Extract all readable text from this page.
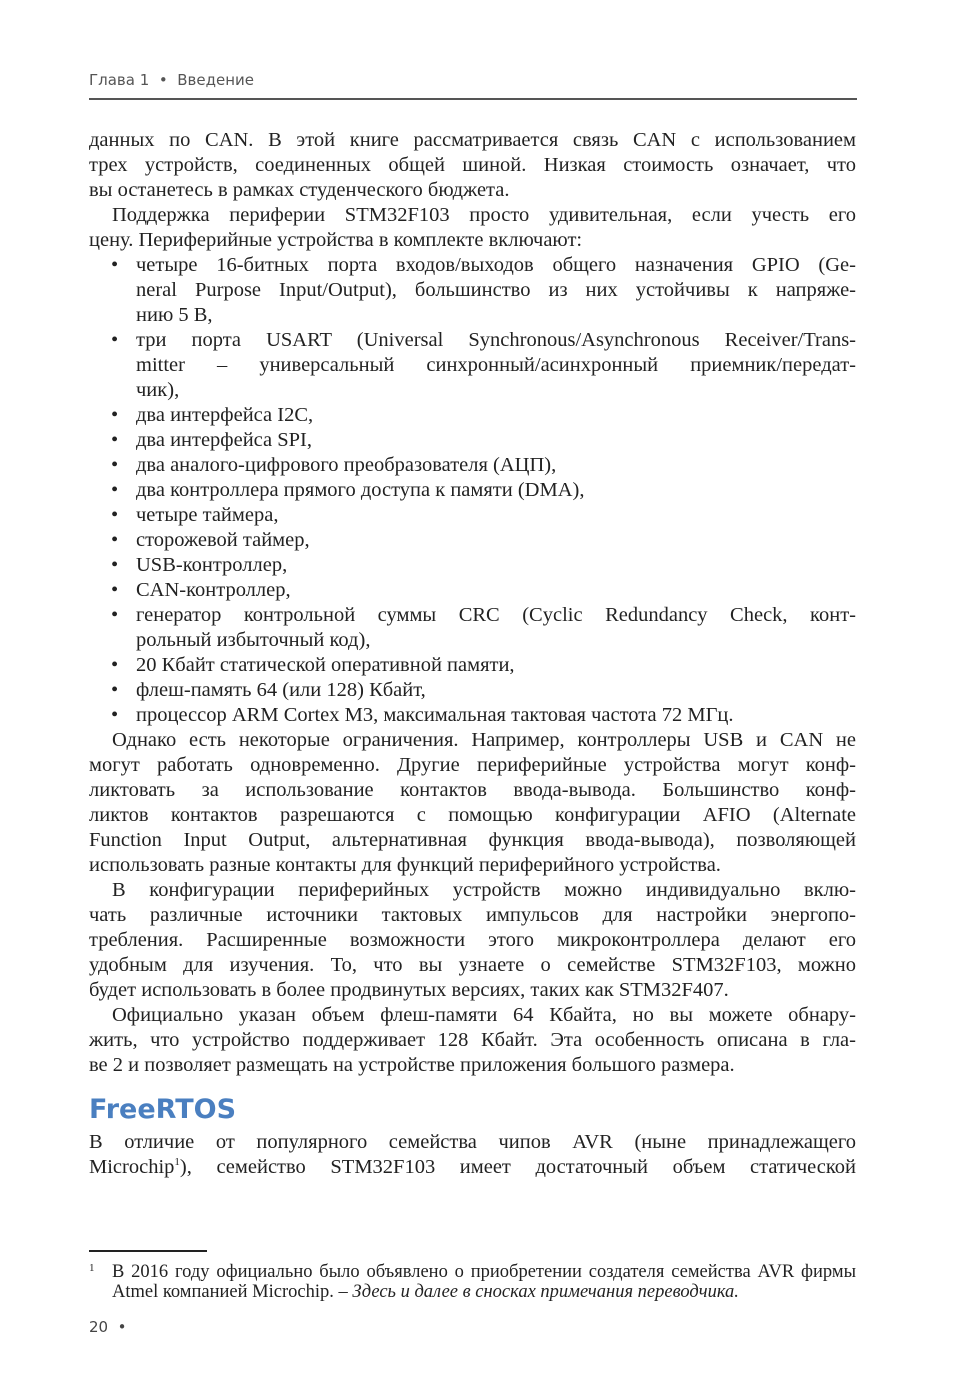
Глава 1 • Введение
данных по CAN. В этой книге рассматривается связь CAN с использованием
трех устройств, соединенных общей шиной. Низкая стоимость означает, что
вы останетесь в рамках студенческого бюджета.
Поддержка периферии STM32F103 просто удивительная, если учесть его
цену. Периферийные устройства в комплекте включают:
• четыре 16-битных порта входов/выходов общего назначения GPIO (Ge-
neral Purpose Input/Output), большинство из них устойчивы к напряже-
нию 5 В,
• три порта USART (Universal Synchronous/Asynchronous Receiver/Trans-
mitter – универсальный синхронный/асинхронный приемник/передат-
чик),
• два интерфейса I2C,
• два интерфейса SPI,
• два аналого-цифрового преобразователя (АЦП),
• два контроллера прямого доступа к памяти (DMA),
• четыре таймера,
• сторожевой таймер,
• USB-контроллер,
• CAN-контроллер,
• генератор контрольной суммы CRC (Cyclic Redundancy Check, конт-
рольный избыточный код),
• 20 Кбайт статической оперативной памяти,
• флеш-память 64 (или 128) Кбайт,
• процессор ARM Cortex M3, максимальная тактовая частота 72 МГц.
Однако есть некоторые ограничения. Например, контроллеры USB и CAN не
могут работать одновременно. Другие периферийные устройства могут конф-
ликтовать за использование контактов ввода-вывода. Большинство конф-
ликтов контактов разрешаются с помощью конфигурации AFIO (Alternate
Function Input Output, альтернативная функция ввода-вывода), позволяющей
использовать разные контакты для функций периферийного устройства.
В конфигурации периферийных устройств можно индивидуально вклю-
чать различные источники тактовых импульсов для настройки энергопо-
требления. Расширенные возможности этого микроконтроллера делают его
удобным для изучения. То, что вы узнаете о семействе STM32F103, можно
будет использовать в более продвинутых версиях, таких как STM32F407.
Официально указан объем флеш-памяти 64 Кбайта, но вы можете обнару-
жить, что устройство поддерживает 128 Кбайт. Эта особенность описана в гла-
ве 2 и позволяет размещать на устройстве приложения большого размера.
FreeRTOS
В отличие от популярного семейства чипов AVR (ныне принадлежащего
Microchip$^1$), семейство STM32F103 имеет достаточный объем статической
1 В 2016 году официально было объявлено о приобретении создателя семейства AVR фирмы Atmel компанией Microchip. – Здесь и далее в сносках примечания переводчика.
20 •
